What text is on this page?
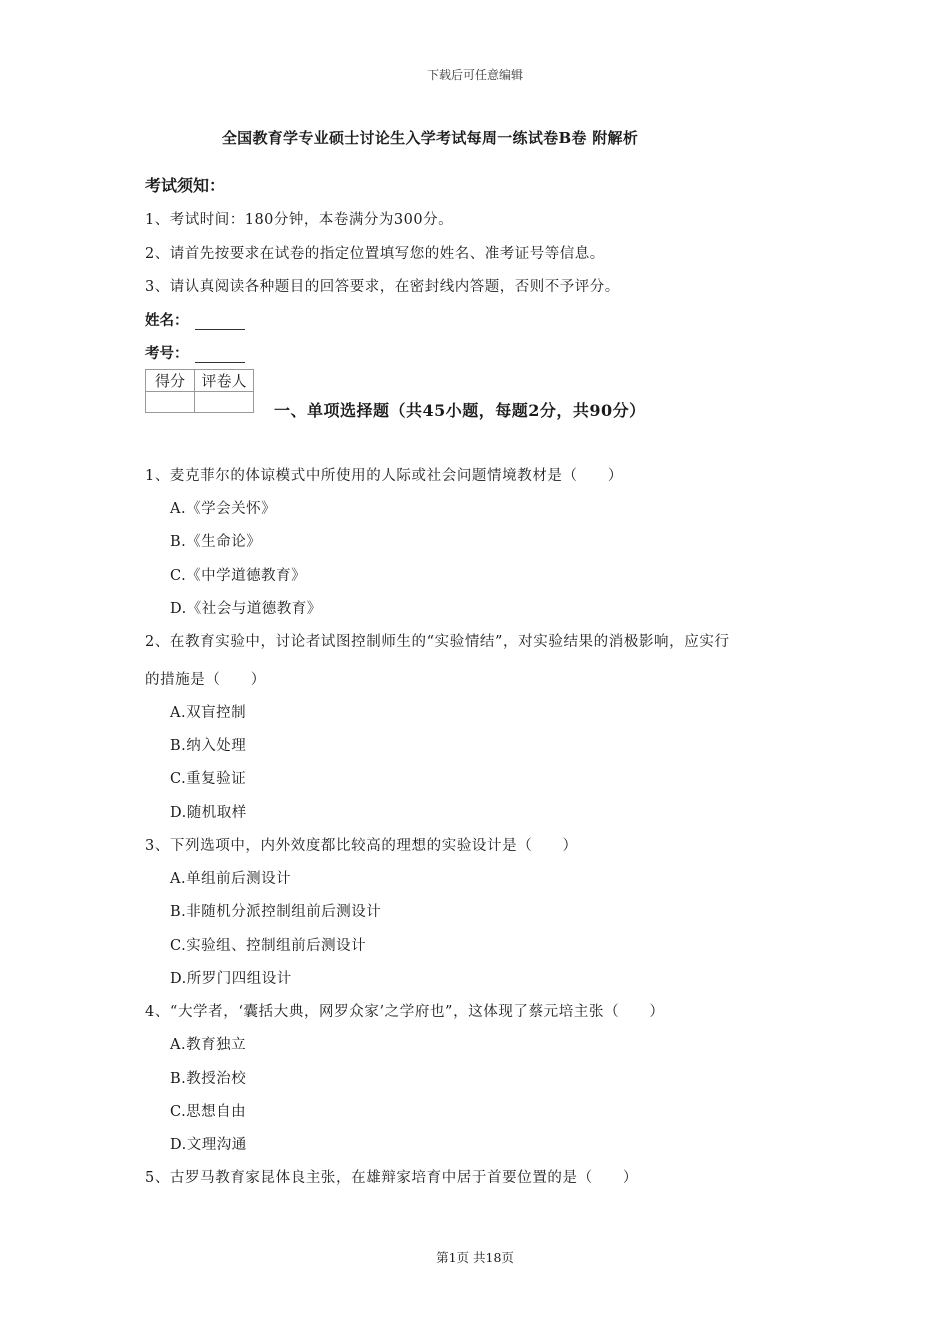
下载后可任意编辑
全国教育学专业硕士讨论生入学考试每周一练试卷B卷 附解析
考试须知：
1、考试时间：180分钟，本卷满分为300分。
2、请首先按要求在试卷的指定位置填写您的姓名、准考证号等信息。
3、请认真阅读各种题目的回答要求，在密封线内答题，否则不予评分。
姓名：
考号：
得分	评卷人

一、单项选择题（共45小题，每题2分，共90分）
1、麦克菲尔的体谅模式中所使用的人际或社会问题情境教材是（　　）
A.《学会关怀》
B.《生命论》
C.《中学道德教育》
D.《社会与道德教育》
2、在教育实验中，讨论者试图控制师生的“实验情结”，对实验结果的消极影响，应实行
的措施是（　　）
A.双盲控制
B.纳入处理
C.重复验证
D.随机取样
3、下列选项中，内外效度都比较高的理想的实验设计是（　　）
A.单组前后测设计
B.非随机分派控制组前后测设计
C.实验组、控制组前后测设计
D.所罗门四组设计
4、“大学者，‘囊括大典，网罗众家’之学府也”，这体现了蔡元培主张（　　）
A.教育独立
B.教授治校
C.思想自由
D.文理沟通
5、古罗马教育家昆体良主张，在雄辩家培育中居于首要位置的是（　　）
第1页 共18页
